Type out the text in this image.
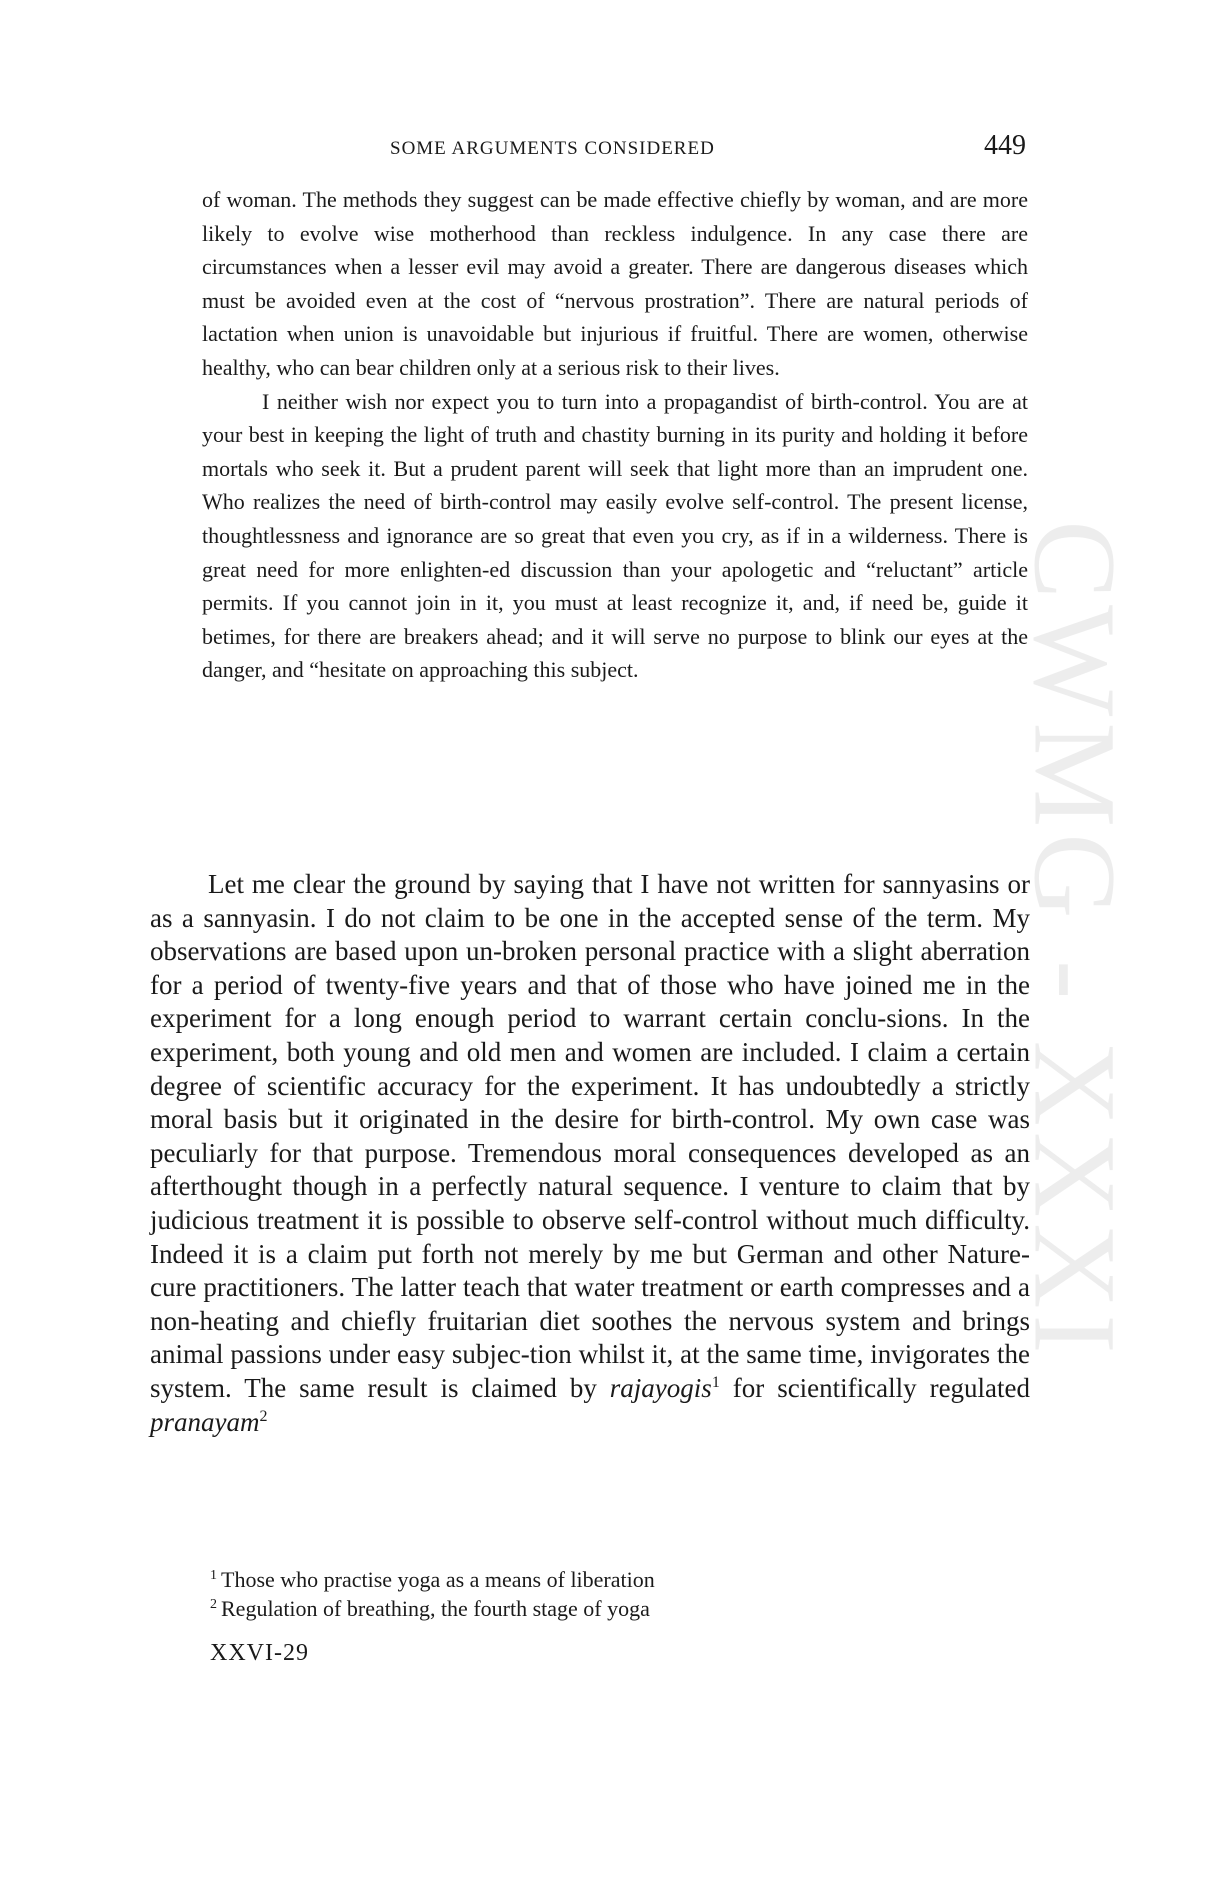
SOME ARGUMENTS CONSIDERED	449

of woman. The methods they suggest can be made effective chiefly by woman, and are more likely to evolve wise motherhood than reckless indulgence. In any case there are circumstances when a lesser evil may avoid a greater. There are dangerous diseases which must be avoided even at the cost of “nervous prostration”. There are natural periods of lactation when union is unavoidable but injurious if fruitful. There are women, otherwise healthy, who can bear children only at a serious risk to their lives.

I neither wish nor expect you to turn into a propagandist of birth-control. You are at your best in keeping the light of truth and chastity burning in its purity and holding it before mortals who seek it. But a prudent parent will seek that light more than an imprudent one. Who realizes the need of birth-control may easily evolve self-control. The present license, thoughtlessness and ignorance are so great that even you cry, as if in a wilderness. There is great need for more enlighten-ed discussion than your apologetic and “reluctant” article permits. If you cannot join in it, you must at least recognize it, and, if need be, guide it betimes, for there are breakers ahead; and it will serve no purpose to blink our eyes at the danger, and “hesitate on approaching this subject.

Let me clear the ground by saying that I have not written for sannyasins or as a sannyasin. I do not claim to be one in the accepted sense of the term. My observations are based upon un-broken personal practice with a slight aberration for a period of twenty-five years and that of those who have joined me in the experiment for a long enough period to warrant certain conclu-sions. In the experiment, both young and old men and women are included. I claim a certain degree of scientific accuracy for the experiment. It has undoubtedly a strictly moral basis but it originated in the desire for birth-control. My own case was peculiarly for that purpose. Tremendous moral consequences developed as an afterthought though in a perfectly natural sequence. I venture to claim that by judicious treatment it is possible to observe self-control without much difficulty. Indeed it is a claim put forth not merely by me but German and other Nature-cure practitioners. The latter teach that water treatment or earth compresses and a non-heating and chiefly fruitarian diet soothes the nervous system and brings animal passions under easy subjec-tion whilst it, at the same time, invigorates the system. The same result is claimed by rajayogis$^1$ for scientifically regulated pranayam$^2$

$^1$ Those who practise yoga as a means of liberation

$^2$ Regulation of breathing, the fourth stage of yoga

XXVI-29
CWMG - XXXI
